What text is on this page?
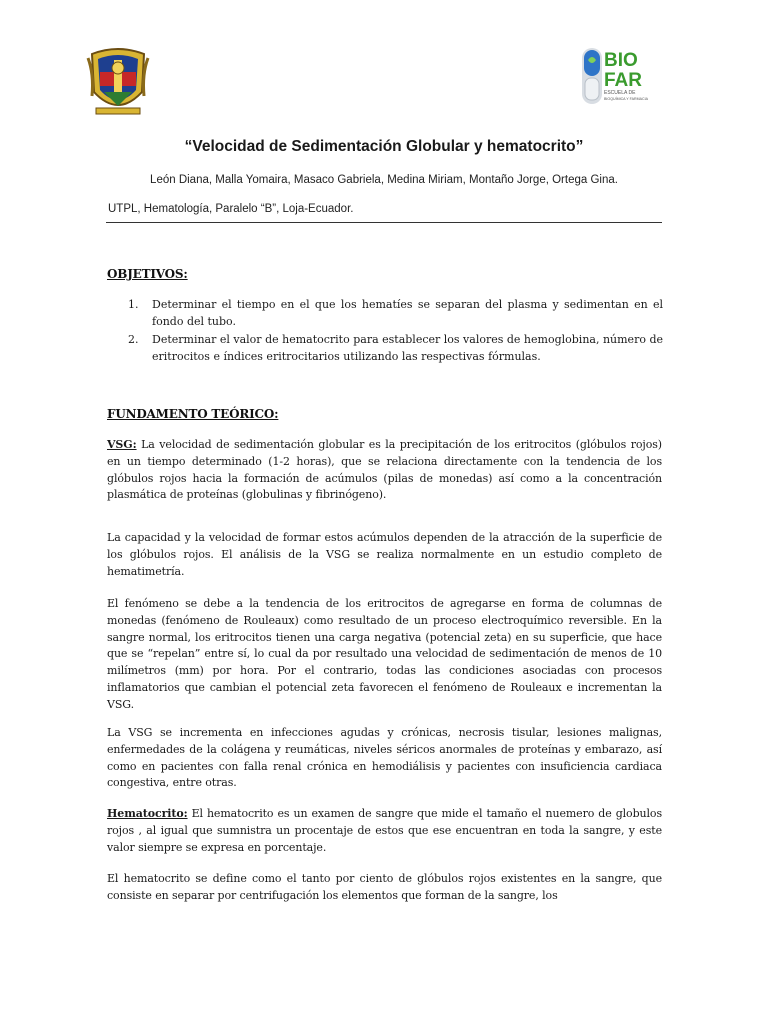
BIO
FAR
ESCUELA DE
BIOQUÍMICA Y FARMACIA
“Velocidad de Sedimentación Globular y hematocrito”
León Diana, Malla Yomaira, Masaco Gabriela, Medina Miriam, Montaño Jorge, Ortega Gina.
UTPL, Hematología, Paralelo “B”, Loja-Ecuador.
OBJETIVOS:
1. Determinar el tiempo en el que los hematíes se separan del plasma y sedimentan en el fondo del tubo.
2. Determinar el valor de hematocrito para establecer los valores de hemoglobina, número de eritrocitos e índices eritrocitarios utilizando las respectivas fórmulas.
FUNDAMENTO TEÓRICO:

VSG: La velocidad de sedimentación globular es la precipitación de los eritrocitos (glóbulos rojos) en un tiempo determinado (1-2 horas), que se relaciona directamente con la tendencia de los glóbulos rojos hacia la formación de acúmulos (pilas de monedas) así como a la concentración plasmática de proteínas (globulinas y fibrinógeno).

La capacidad y la velocidad de formar estos acúmulos dependen de la atracción de la superficie de los glóbulos rojos. El análisis de la VSG se realiza normalmente en un estudio completo de hematimetría.

El fenómeno se debe a la tendencia de los eritrocitos de agregarse en forma de columnas de monedas (fenómeno de Rouleaux) como resultado de un proceso electroquímico reversible. En la sangre normal, los eritrocitos tienen una carga negativa (potencial zeta) en su superficie, que hace que se “repelan” entre sí, lo cual da por resultado una velocidad de sedimentación de menos de 10 milímetros (mm) por hora. Por el contrario, todas las condiciones asociadas con procesos inflamatorios que cambian el potencial zeta favorecen el fenómeno de Rouleaux e incrementan la VSG.

La VSG se incrementa en infecciones agudas y crónicas, necrosis tisular, lesiones malignas, enfermedades de la colágena y reumáticas, niveles séricos anormales de proteínas y embarazo, así como en pacientes con falla renal crónica en hemodiálisis y pacientes con insuficiencia cardiaca congestiva, entre otras.

Hematocrito: El hematocrito es un examen de sangre que mide el tamaño el nuemero de globulos rojos , al igual que sumnistra un procentaje de estos que ese encuentran en toda la sangre, y este valor siempre se expresa en porcentaje.

El hematocrito se define como el tanto por ciento de glóbulos rojos existentes en la sangre, que consiste en separar por centrifugación los elementos que forman de la sangre, los
